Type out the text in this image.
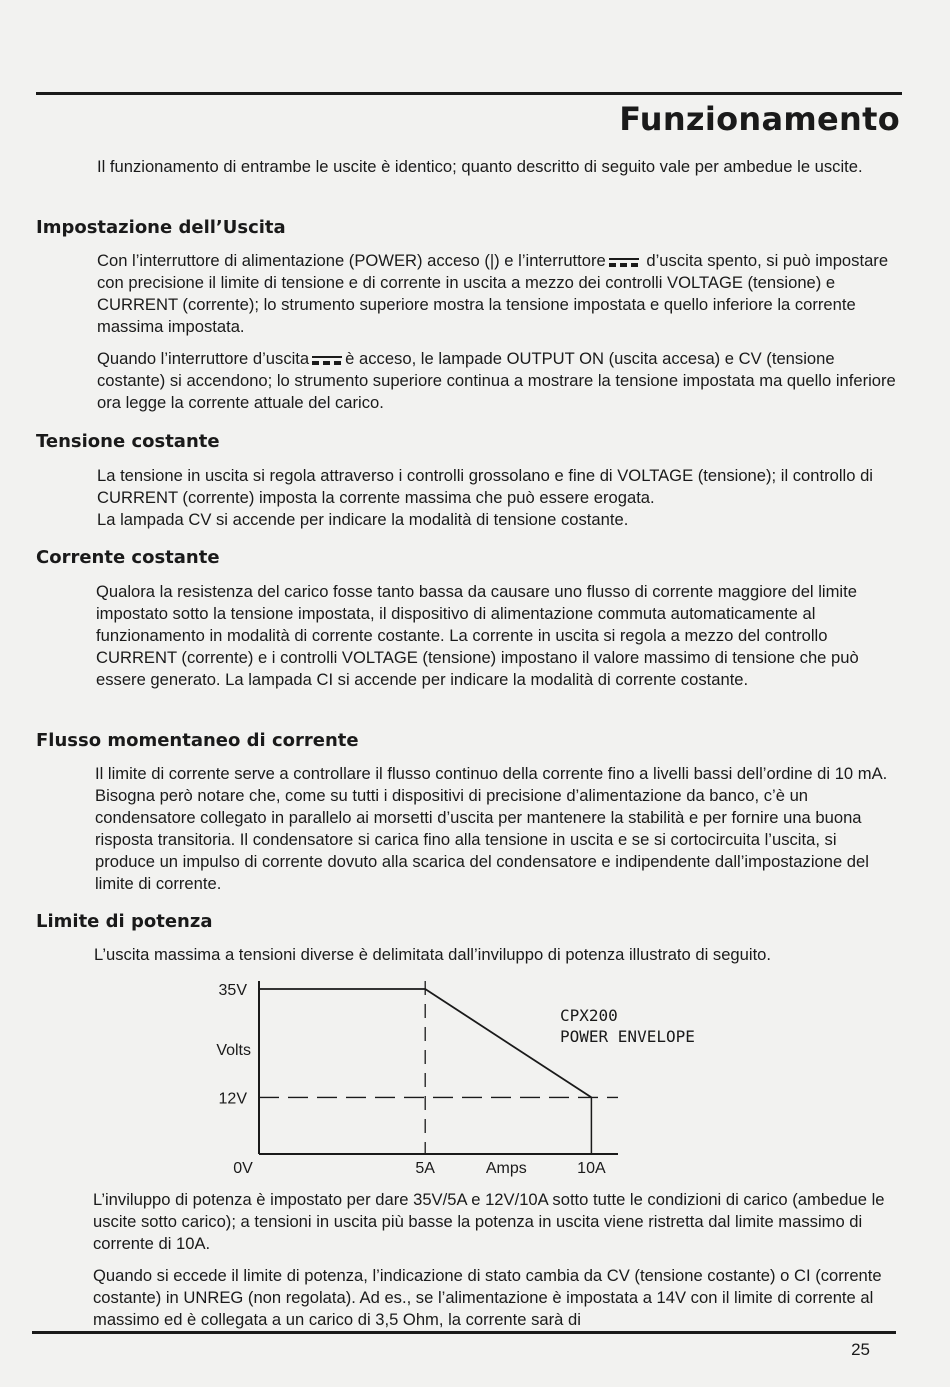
Funzionamento

Il funzionamento di entrambe le uscite è identico; quanto descritto di seguito vale per ambedue le uscite.

Impostazione dell’Uscita

Con l’interruttore di alimentazione (POWER) acceso (|) e l’interruttore d’uscita spento, si può impostare con precisione il limite di tensione e di corrente in uscita a mezzo dei controlli VOLTAGE (tensione) e CURRENT (corrente); lo strumento superiore mostra la tensione impostata e quello inferiore la corrente massima impostata.

Quando l’interruttore d’uscita è acceso, le lampade OUTPUT ON (uscita accesa) e CV (tensione costante) si accendono; lo strumento superiore continua a mostrare la tensione impostata ma quello inferiore ora legge la corrente attuale del carico.

Tensione costante

La tensione in uscita si regola attraverso i controlli grossolano e fine di VOLTAGE (tensione); il controllo di CURRENT (corrente) imposta la corrente massima che può essere erogata.

La lampada CV si accende per indicare la modalità di tensione costante.

Corrente costante

Qualora la resistenza del carico fosse tanto bassa da causare uno flusso di corrente maggiore del limite impostato sotto la tensione impostata, il dispositivo di alimentazione commuta automaticamente al funzionamento in modalità di corrente costante. La corrente in uscita si regola a mezzo del controllo CURRENT (corrente) e i controlli VOLTAGE (tensione) impostano il valore massimo di tensione che può essere generato. La lampada CI si accende per indicare la modalità di corrente costante.

Flusso momentaneo di corrente

Il limite di corrente serve a controllare il flusso continuo della corrente fino a livelli bassi dell’ordine di 10 mA. Bisogna però notare che, come su tutti i dispositivi di precisione d’alimentazione da banco, c’è un condensatore collegato in parallelo ai morsetti d’uscita per mantenere la stabilità e per fornire una buona risposta transitoria. Il condensatore si carica fino alla tensione in uscita e se si cortocircuita l’uscita, si produce un impulso di corrente dovuto alla scarica del condensatore e indipendente dall’impostazione del limite di corrente.

Limite di potenza

L’uscita massima a tensioni diverse è delimitata dall’inviluppo di potenza illustrato di seguito.

35V
12V
0V
Volts
5A	10A
Amps
CPX200
POWER ENVELOPE

L’inviluppo di potenza è impostato per dare 35V/5A e 12V/10A sotto tutte le condizioni di carico (ambedue le uscite sotto carico); a tensioni in uscita più basse la potenza in uscita viene ristretta dal limite massimo di corrente di 10A.

Quando si eccede il limite di potenza, l’indicazione di stato cambia da CV (tensione costante) o CI (corrente costante) in UNREG (non regolata). Ad es., se l’alimentazione è impostata a 14V con il limite di corrente al massimo ed è collegata a un carico di 3,5 Ohm, la corrente sarà di

25
